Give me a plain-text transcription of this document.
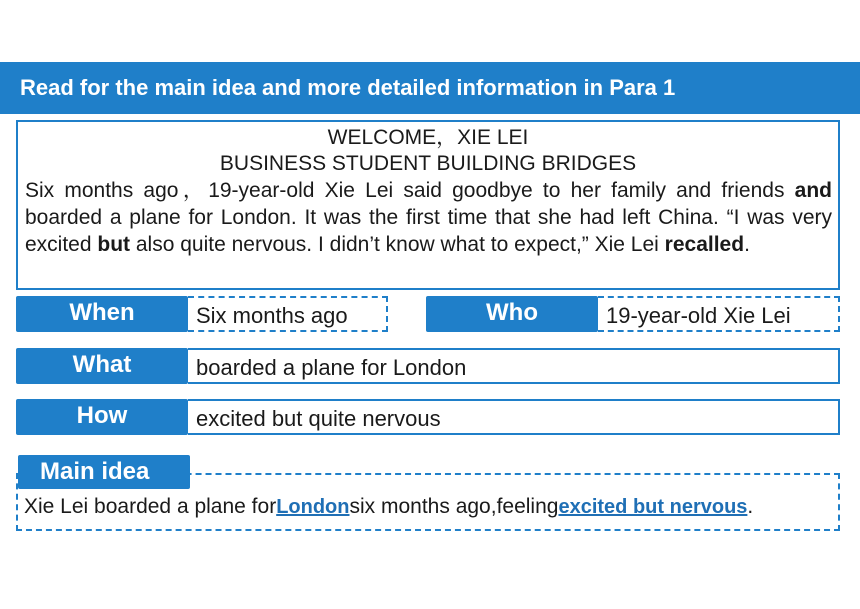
Read for the main idea and more detailed information in Para 1
WELCOME，XIE LEI
BUSINESS STUDENT BUILDING BRIDGES
Six months ago，19-year-old Xie Lei said goodbye to her family and friends and boarded a plane for London. It was the first time that she had left China. “I was very excited but also quite nervous. I didn’t know what to expect,” Xie Lei recalled.
When	Six months ago	Who	19-year-old Xie Lei
What	boarded a plane for London
How	excited but quite nervous
Main idea
Xie Lei boarded a plane forLondonsix months ago,feelingexcited but nervous.
